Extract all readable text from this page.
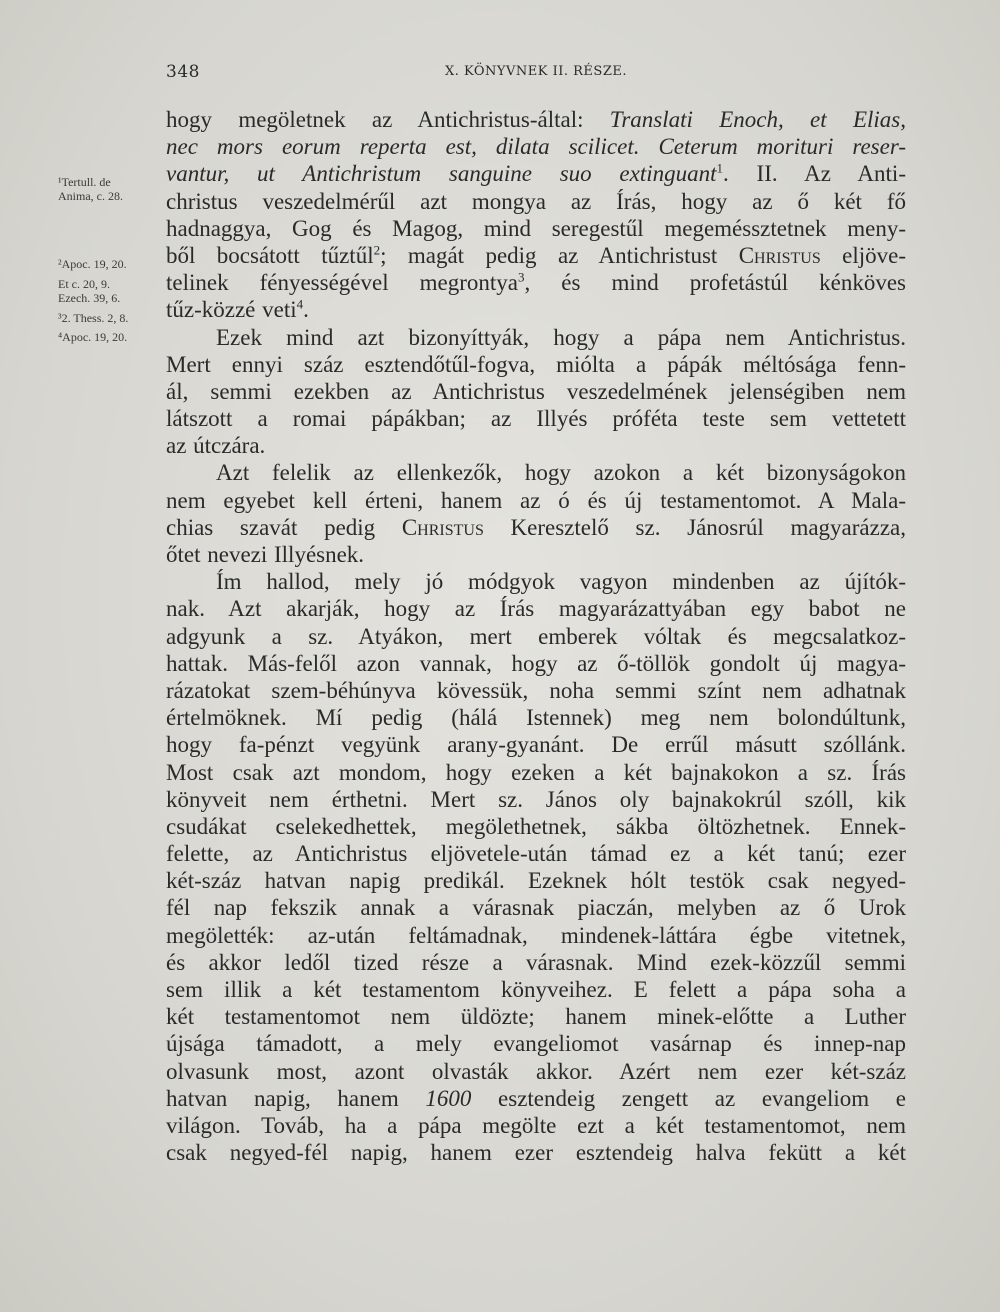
348	X. KÖNYVNEK II. RÉSZE.
¹Tertull. de
Anima, c. 28.
²Apoc. 19, 20.
Et c. 20, 9.
Ezech. 39, 6.
³2. Thess. 2, 8.
⁴Apoc. 19, 20.
hogy megöletnek az Antichristus-által: Translati Enoch, et Elias,
nec mors eorum reperta est, dilata scilicet. Ceterum morituri reser-
vantur, ut Antichristum sanguine suo extinguant$^1$. II. Az Anti-
christus veszedelmérűl azt mongya az Írás, hogy az ő két fő
hadnaggya, Gog és Magog, mind seregestűl megeméssztetnek meny-
ből bocsátott tűztűl$^2$; magát pedig az Antichristust Christus eljöve-
telinek fényességével megrontya$^3$, és mind profetástúl kénköves
tűz-közzé veti$^4$.
Ezek mind azt bizonyíttyák, hogy a pápa nem Antichristus.
Mert ennyi száz esztendőtűl-fogva, miólta a pápák méltósága fenn-
ál, semmi ezekben az Antichristus veszedelmének jelenségiben nem
látszott a romai pápákban; az Illyés próféta teste sem vettetett
az útczára.
Azt felelik az ellenkezők, hogy azokon a két bizonyságokon
nem egyebet kell érteni, hanem az ó és új testamentomot. A Mala-
chias szavát pedig Christus Keresztelő sz. Jánosrúl magyarázza,
őtet nevezi Illyésnek.
Ím hallod, mely jó módgyok vagyon mindenben az újítók-
nak. Azt akarják, hogy az Írás magyarázattyában egy babot ne
adgyunk a sz. Atyákon, mert emberek vóltak és megcsalatkoz-
hattak. Más-felől azon vannak, hogy az ő-töllök gondolt új magya-
rázatokat szem-béhúnyva kövessük, noha semmi színt nem adhatnak
értelmöknek. Mí pedig (hálá Istennek) meg nem bolondúltunk,
hogy fa-pénzt vegyünk arany-gyanánt. De errűl másutt szóllánk.
Most csak azt mondom, hogy ezeken a két bajnakokon a sz. Írás
könyveit nem érthetni. Mert sz. János oly bajnakokrúl szóll, kik
csudákat cselekedhettek, megölethetnek, sákba öltözhetnek. Ennek-
felette, az Antichristus eljövetele-után támad ez a két tanú; ezer
két-száz hatvan napig predikál. Ezeknek hólt testök csak negyed-
fél nap fekszik annak a várasnak piaczán, melyben az ő Urok
megölették: az-után feltámadnak, mindenek-láttára égbe vitetnek,
és akkor ledől tized része a várasnak. Mind ezek-közzűl semmi
sem illik a két testamentom könyveihez. E felett a pápa soha a
két testamentomot nem üldözte; hanem minek-előtte a Luther
újsága támadott, a mely evangeliomot vasárnap és innep-nap
olvasunk most, azont olvasták akkor. Azért nem ezer két-száz
hatvan napig, hanem 1600 esztendeig zengett az evangeliom e
világon. Továb, ha a pápa megölte ezt a két testamentomot, nem
csak negyed-fél napig, hanem ezer esztendeig halva fekütt a két
